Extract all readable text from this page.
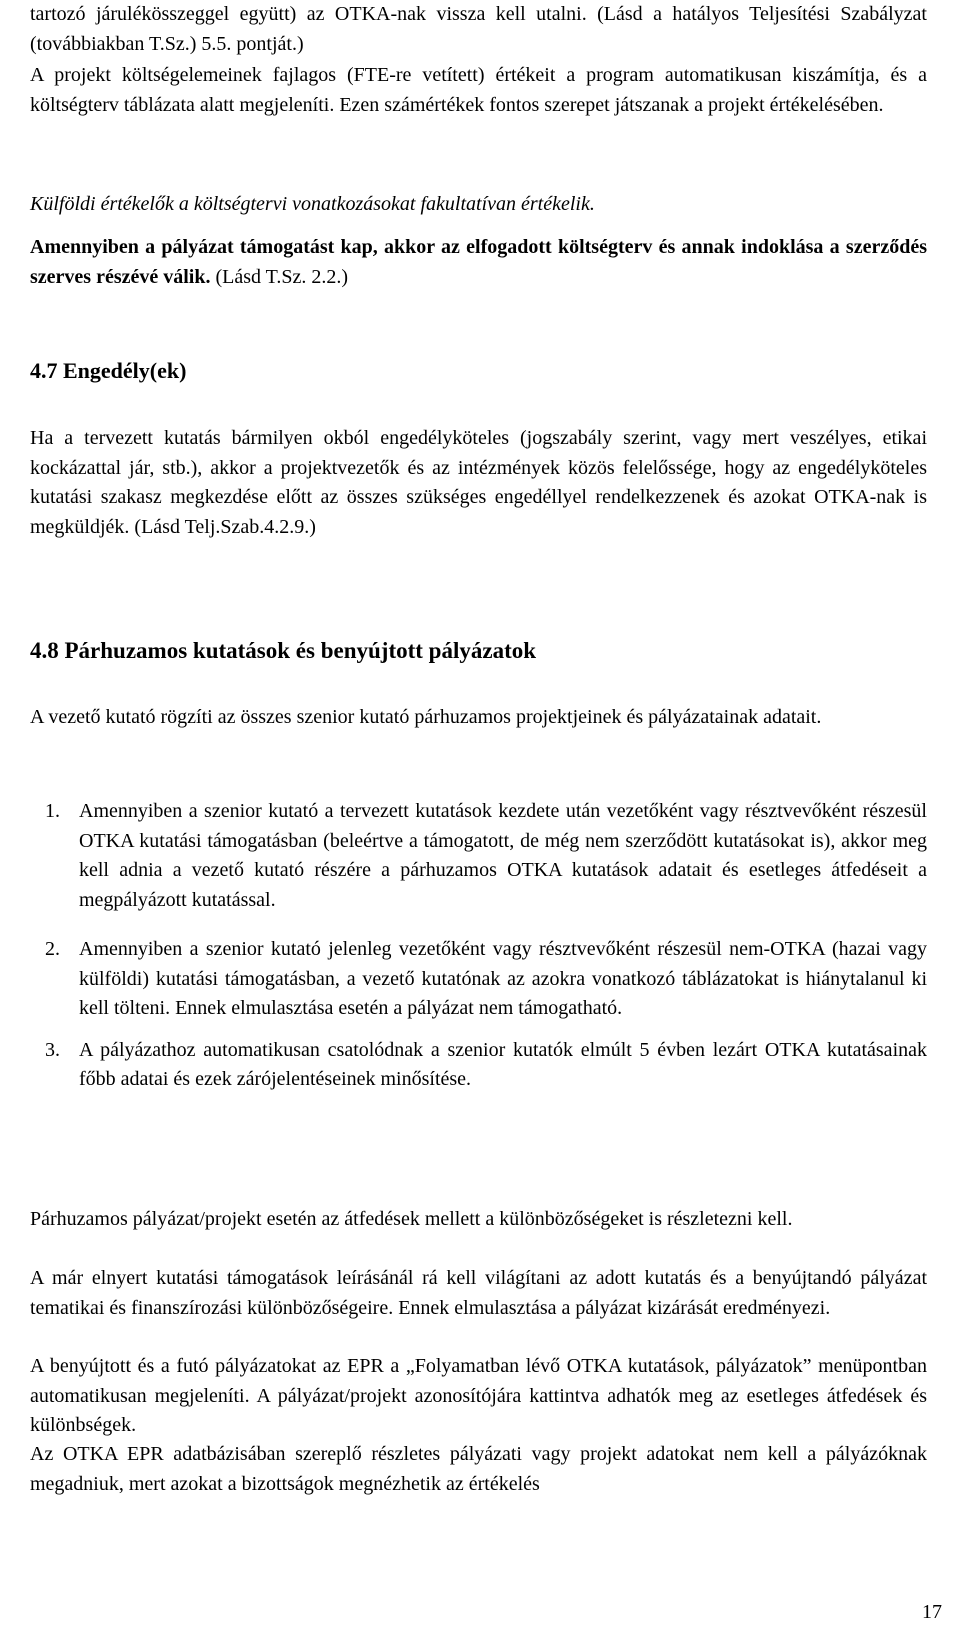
tartozó járulékösszeggel együtt) az OTKA-nak vissza kell utalni. (Lásd a hatályos Teljesítési Szabályzat (továbbiakban T.Sz.) 5.5. pontját.)

A projekt költségelemeinek fajlagos (FTE-re vetített) értékeit a program automatikusan kiszámítja, és a költségterv táblázata alatt megjeleníti. Ezen számértékek fontos szerepet játszanak a projekt értékelésében.

Külföldi értékelők a költségtervi vonatkozásokat fakultatívan értékelik.

Amennyiben a pályázat támogatást kap, akkor az elfogadott költségterv és annak indoklása a szerződés szerves részévé válik. (Lásd T.Sz. 2.2.)

4.7 Engedély(ek)

Ha a tervezett kutatás bármilyen okból engedélyköteles (jogszabály szerint, vagy mert veszélyes, etikai kockázattal jár, stb.), akkor a projektvezetők és az intézmények közös felelőssége, hogy az engedélyköteles kutatási szakasz megkezdése előtt az összes szükséges engedéllyel rendelkezzenek és azokat OTKA-nak is megküldjék. (Lásd Telj.Szab.4.2.9.)

4.8 Párhuzamos kutatások és benyújtott pályázatok

A vezető kutató rögzíti az összes szenior kutató párhuzamos projektjeinek és pályázatainak adatait.

1. Amennyiben a szenior kutató a tervezett kutatások kezdete után vezetőként vagy résztvevőként részesül OTKA kutatási támogatásban (beleértve a támogatott, de még nem szerződött kutatásokat is), akkor meg kell adnia a vezető kutató részére a párhuzamos OTKA kutatások adatait és esetleges átfedéseit a megpályázott kutatással.
2. Amennyiben a szenior kutató jelenleg vezetőként vagy résztvevőként részesül nem-OTKA (hazai vagy külföldi) kutatási támogatásban, a vezető kutatónak az azokra vonatkozó táblázatokat is hiánytalanul ki kell tölteni. Ennek elmulasztása esetén a pályázat nem támogatható.
3. A pályázathoz automatikusan csatolódnak a szenior kutatók elmúlt 5 évben lezárt OTKA kutatásainak főbb adatai és ezek zárójelentéseinek minősítése.

Párhuzamos pályázat/projekt esetén az átfedések mellett a különbözőségeket is részletezni kell.

A már elnyert kutatási támogatások leírásánál rá kell világítani az adott kutatás és a benyújtandó pályázat tematikai és finanszírozási különbözőségeire. Ennek elmulasztása a pályázat kizárását eredményezi.

A benyújtott és a futó pályázatokat az EPR a „Folyamatban lévő OTKA kutatások, pályázatok” menüpontban automatikusan megjeleníti. A pályázat/projekt azonosítójára kattintva adhatók meg az esetleges átfedések és különbségek.

Az OTKA EPR adatbázisában szereplő részletes pályázati vagy projekt adatokat nem kell a pályázóknak megadniuk, mert azokat a bizottságok megnézhetik az értékelés

17
